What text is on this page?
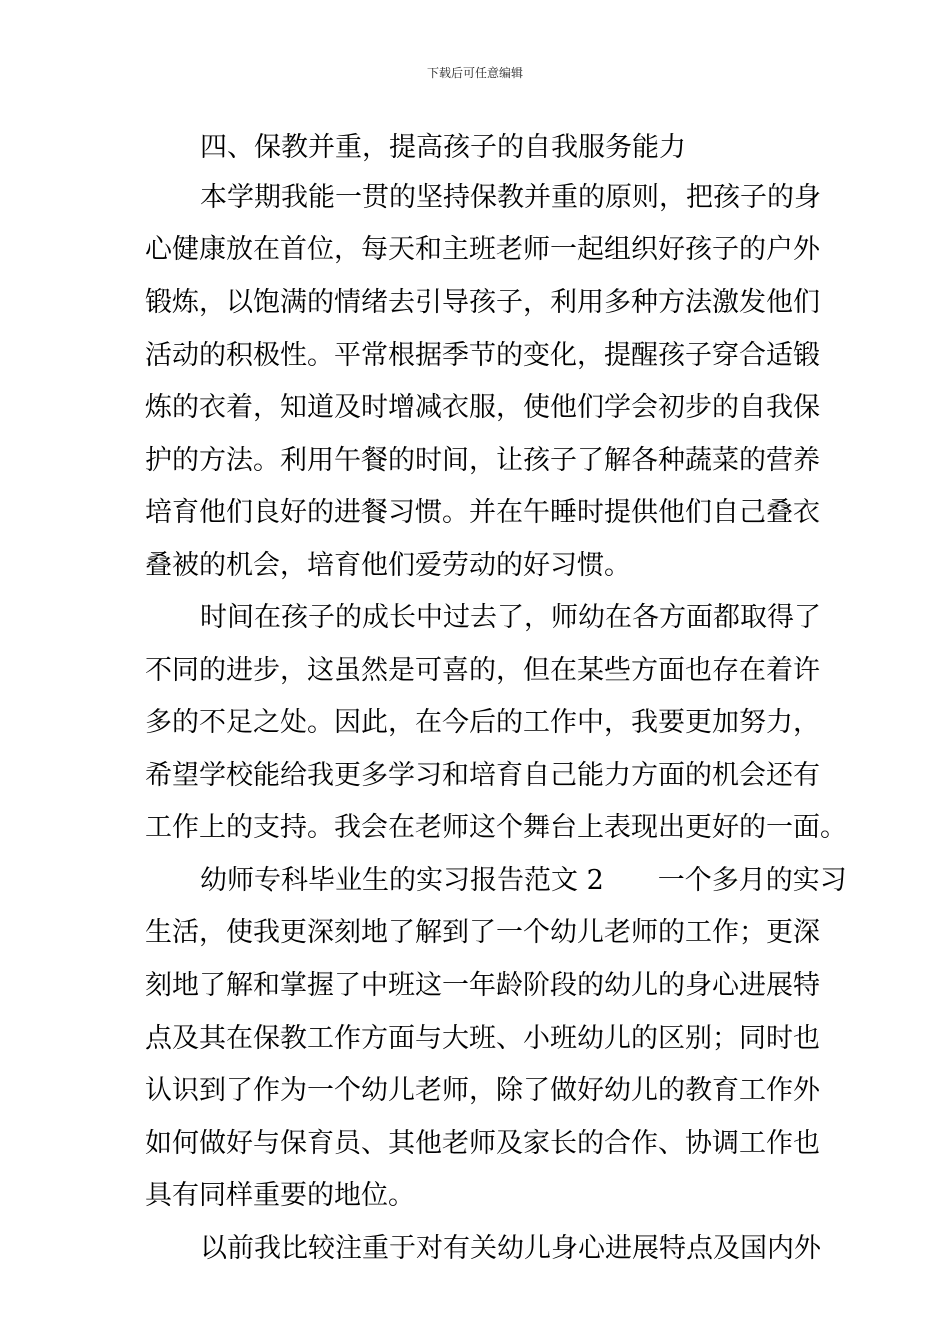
下载后可任意编辑
四、保教并重，提高孩子的自我服务能力
本学期我能一贯的坚持保教并重的原则，把孩子的身
心健康放在首位，每天和主班老师一起组织好孩子的户外
锻炼，以饱满的情绪去引导孩子，利用多种方法激发他们
活动的积极性。平常根据季节的变化，提醒孩子穿合适锻
炼的衣着，知道及时增减衣服，使他们学会初步的自我保
护的方法。利用午餐的时间，让孩子了解各种蔬菜的营养
培育他们良好的进餐习惯。并在午睡时提供他们自己叠衣
叠被的机会，培育他们爱劳动的好习惯。
时间在孩子的成长中过去了，师幼在各方面都取得了
不同的进步，这虽然是可喜的，但在某些方面也存在着许
多的不足之处。因此，在今后的工作中，我要更加努力，
希望学校能给我更多学习和培育自己能力方面的机会还有
工作上的支持。我会在老师这个舞台上表现出更好的一面。
幼师专科毕业生的实习报告范文 2　　一个多月的实习
生活，使我更深刻地了解到了一个幼儿老师的工作；更深
刻地了解和掌握了中班这一年龄阶段的幼儿的身心进展特
点及其在保教工作方面与大班、小班幼儿的区别；同时也
认识到了作为一个幼儿老师，除了做好幼儿的教育工作外
如何做好与保育员、其他老师及家长的合作、协调工作也
具有同样重要的地位。
以前我比较注重于对有关幼儿身心进展特点及国内外
